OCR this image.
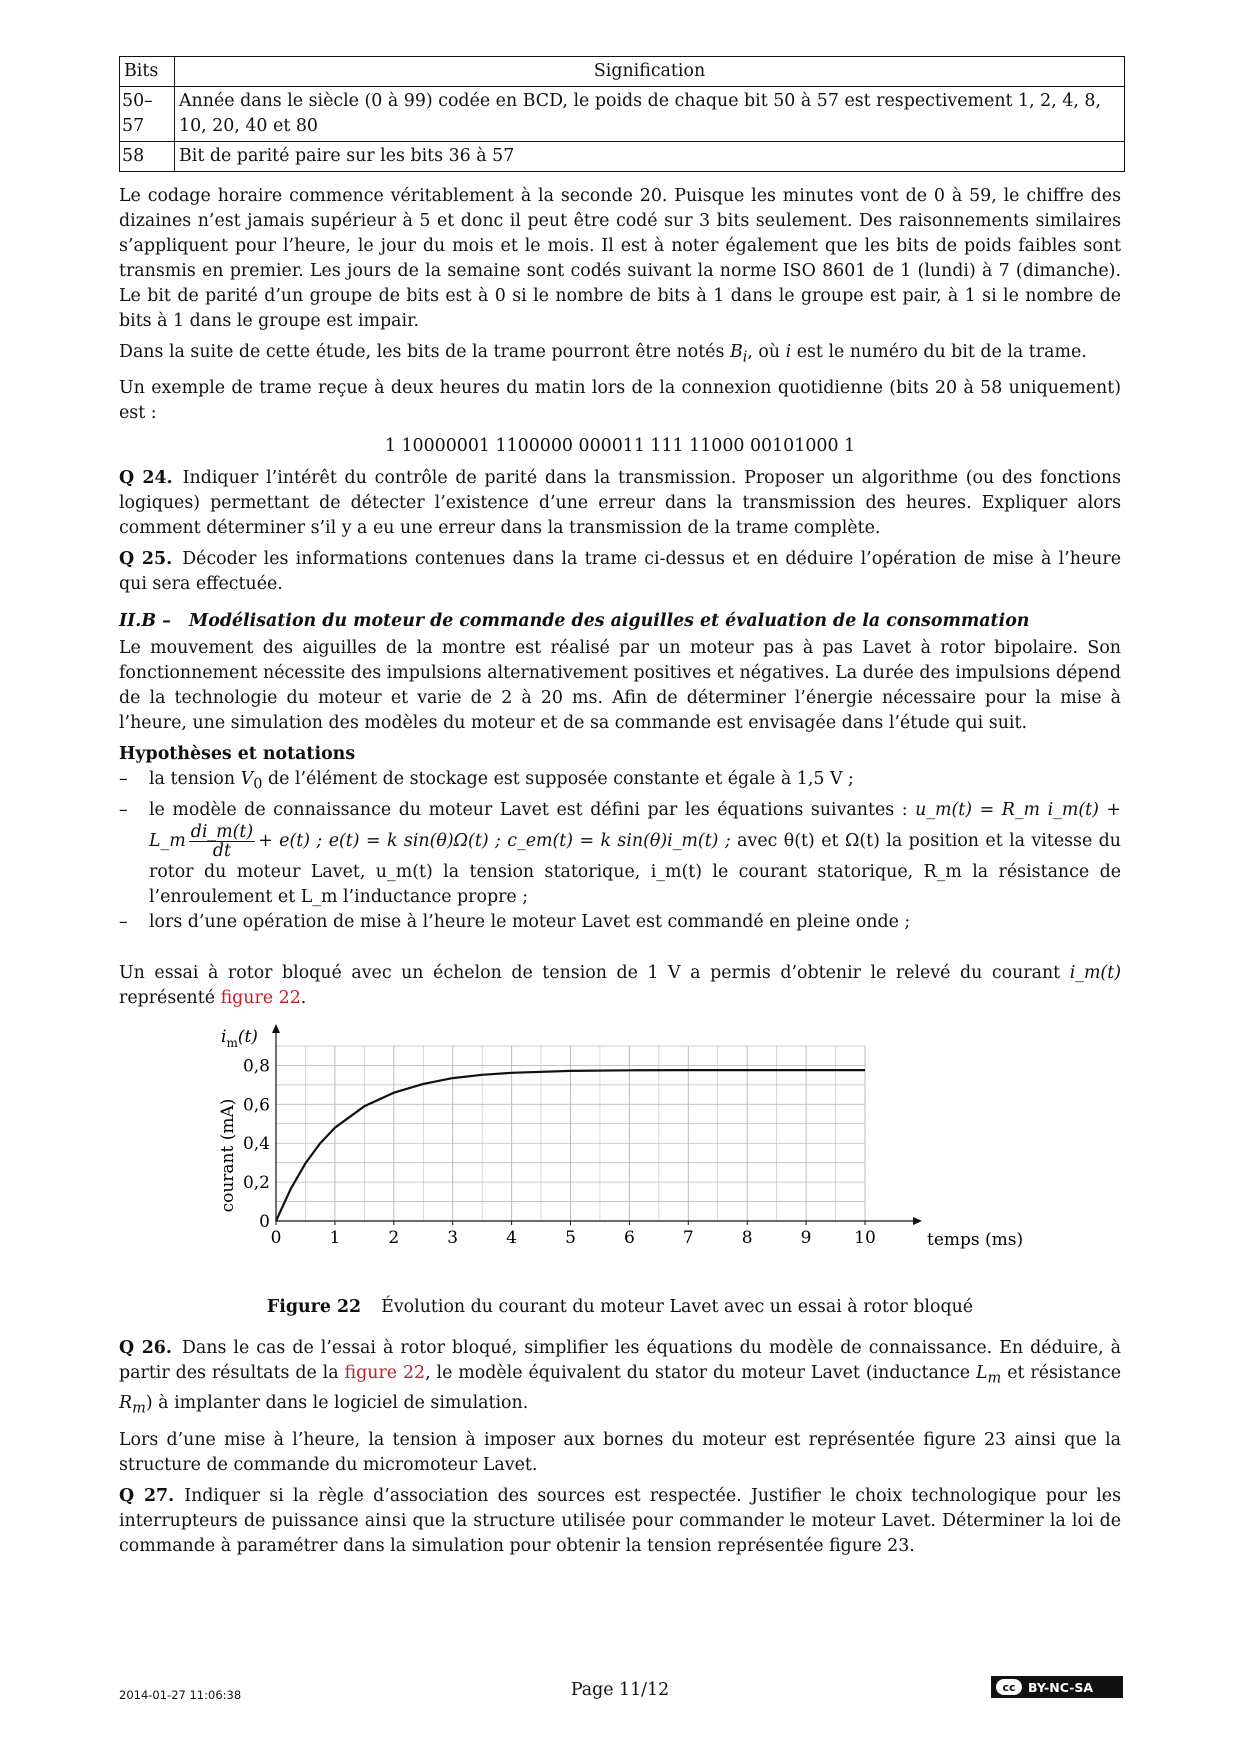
Bits	Signification
50–57	Année dans le siècle (0 à 99) codée en BCD, le poids de chaque bit 50 à 57 est respectivement 1, 2, 4, 8, 10, 20, 40 et 80
58	Bit de parité paire sur les bits 36 à 57

Le codage horaire commence véritablement à la seconde 20. Puisque les minutes vont de 0 à 59, le chiffre des dizaines n’est jamais supérieur à 5 et donc il peut être codé sur 3 bits seulement. Des raisonnements similaires s’appliquent pour l’heure, le jour du mois et le mois. Il est à noter également que les bits de poids faibles sont transmis en premier. Les jours de la semaine sont codés suivant la norme ISO 8601 de 1 (lundi) à 7 (dimanche). Le bit de parité d’un groupe de bits est à 0 si le nombre de bits à 1 dans le groupe est pair, à 1 si le nombre de bits à 1 dans le groupe est impair.

Dans la suite de cette étude, les bits de la trame pourront être notés $B_i$, où i est le numéro du bit de la trame.

Un exemple de trame reçue à deux heures du matin lors de la connexion quotidienne (bits 20 à 58 uniquement) est :

1 10000001 1100000 000011 111 11000 00101000 1

Q 24. Indiquer l’intérêt du contrôle de parité dans la transmission. Proposer un algorithme (ou des fonctions logiques) permettant de détecter l’existence d’une erreur dans la transmission des heures. Expliquer alors comment déterminer s’il y a eu une erreur dans la transmission de la trame complète.

Q 25. Décoder les informations contenues dans la trame ci-dessus et en déduire l’opération de mise à l’heure qui sera effectuée.

II.B – Modélisation du moteur de commande des aiguilles et évaluation de la consommation

Le mouvement des aiguilles de la montre est réalisé par un moteur pas à pas Lavet à rotor bipolaire. Son fonctionnement nécessite des impulsions alternativement positives et négatives. La durée des impulsions dépend de la technologie du moteur et varie de 2 à 20 ms. Afin de déterminer l’énergie nécessaire pour la mise à l’heure, une simulation des modèles du moteur et de sa commande est envisagée dans l’étude qui suit.

Hypothèses et notations
– la tension $V_0$ de l’élément de stockage est supposée constante et égale à 1,5 V ;
– le modèle de connaissance du moteur Lavet est défini par les équations suivantes : u_m(t) = R_m i_m(t) + L_m $\frac{di\_m(t)}{dt} + e(t)$ ; e(t) = k sin(θ)Ω(t) ; c_em(t) = k sin(θ)i_m(t) ; avec θ(t) et Ω(t) la position et la vitesse du rotor du moteur Lavet, u_m(t) la tension statorique, i_m(t) le courant statorique, R_m la résistance de l’enroulement et L_m l’inductance propre ;
– lors d’une opération de mise à l’heure le moteur Lavet est commandé en pleine onde ;

Un essai à rotor bloqué avec un échelon de tension de 1 V a permis d’obtenir le relevé du courant i_m(t) représenté figure 22.

0	1	2	3	4	5	6	7	8	9	10
0
0,2
0,4
0,6
0,8
temps (ms)
courant (mA)
$i_m(t)$
Figure 22 Évolution du courant du moteur Lavet avec un essai à rotor bloqué

Q 26. Dans le cas de l’essai à rotor bloqué, simplifier les équations du modèle de connaissance. En déduire, à partir des résultats de la figure 22, le modèle équivalent du stator du moteur Lavet (inductance $L_m$ et résistance $R_m$) à implanter dans le logiciel de simulation.

Lors d’une mise à l’heure, la tension à imposer aux bornes du moteur est représentée figure 23 ainsi que la structure de commande du micromoteur Lavet.

Q 27. Indiquer si la règle d’association des sources est respectée. Justifier le choix technologique pour les interrupteurs de puissance ainsi que la structure utilisée pour commander le moteur Lavet. Déterminer la loi de commande à paramétrer dans la simulation pour obtenir la tension représentée figure 23.

2014-01-27 11:06:38	Page 11/12	cc BY-NC-SA
